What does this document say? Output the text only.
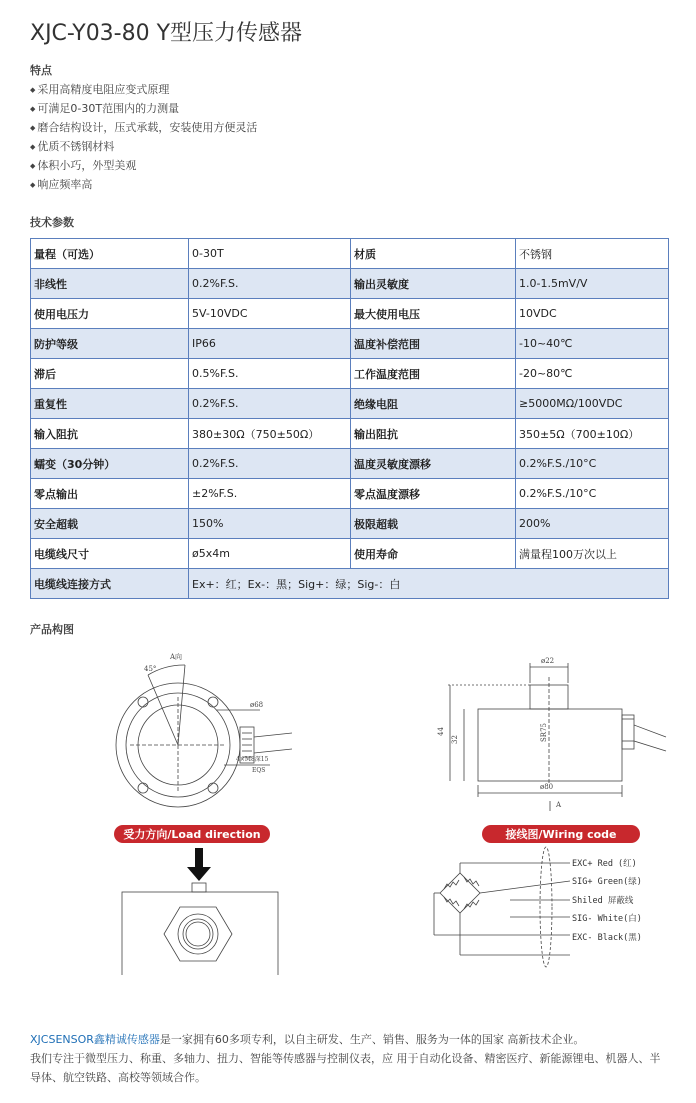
XJC-Y03-80 Y型压力传感器
特点
◆ 采用高精度电阻应变式原理
◆ 可满足0-30T范围内的力测量
◆ 磨合结构设计，压式承载，安装使用方便灵活
◆ 优质不锈钢材料
◆ 体积小巧，外型美观
◆ 响应频率高
技术参数
量程（可选）	0-30T	材质	不锈钢
非线性	0.2%F.S.	输出灵敏度	1.0-1.5mV/V
使用电压力	5V-10VDC	最大使用电压	10VDC
防护等级	IP66	温度补偿范围	-10~40℃
滞后	0.5%F.S.	工作温度范围	-20~80℃
重复性	0.2%F.S.	绝缘电阻	≥5000MΩ/100VDC
输入阻抗	380±30Ω（750±50Ω）	输出阻抗	350±5Ω（700±10Ω）
蠕变（30分钟）	0.2%F.S.	温度灵敏度漂移	0.2%F.S./10°C
零点输出	±2%F.S.	零点温度漂移	0.2%F.S./10°C
安全超载	150%	极限超载	200%
电缆线尺寸	ø5x4m	使用寿命	满量程100万次以上
电缆线连接方式	Ex+：红；Ex-：黑；Sig+：绿；Sig-：白		
产品构图
A向
45°
ø68
4×M8深15
EQS
ø22
ø80
44
32	SR75
A
受力方向/Load direction	接线图/Wiring code
EXC+ Red (红)
SIG+ Green(绿)
Shiled 屏蔽线
SIG- White(白)
EXC- Black(黑)
XJCSENSOR鑫精诚传感器是一家拥有60多项专利，以自主研发、生产、销售、服务为一体的国家 高新技术企业。
我们专注于微型压力、称重、多轴力、扭力、智能等传感器与控制仪表，应 用于自动化设备、精密医疗、新能源锂电、机器人、半导体、航空铁路、高校等领域合作。
